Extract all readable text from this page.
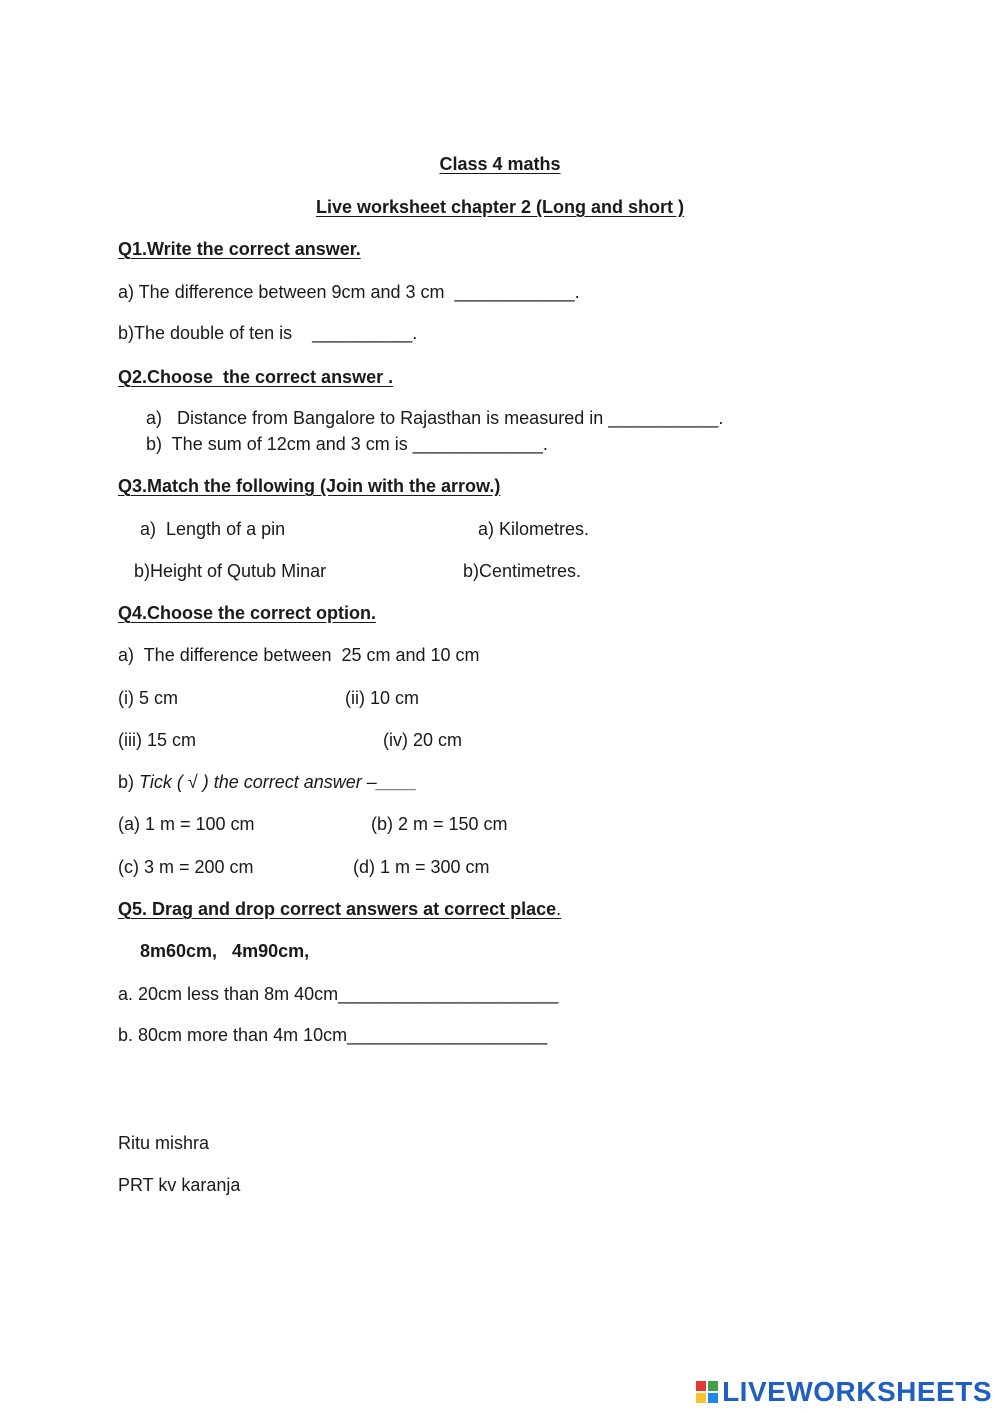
Class 4 maths
Live worksheet chapter 2 (Long and short )
Q1.Write the correct answer.
a) The difference between 9cm and 3 cm  ____________.
b)The double of ten is    __________.
Q2.Choose  the correct answer .
a)   Distance from Bangalore to Rajasthan is measured in ___________.
b)  The sum of 12cm and 3 cm is _____________.
Q3.Match the following (Join with the arrow.)
a)  Length of a pin	a) Kilometres.
b)Height of Qutub Minar	b)Centimetres.
Q4.Choose the correct option.
a)  The difference between  25 cm and 10 cm
(i) 5 cm	(ii) 10 cm
(iii) 15 cm	(iv) 20 cm
b) Tick ( √ ) the correct answer –____
(a) 1 m = 100 cm	(b) 2 m = 150 cm
(c) 3 m = 200 cm	(d) 1 m = 300 cm
Q5. Drag and drop correct answers at correct place.
8m60cm,   4m90cm,
a. 20cm less than 8m 40cm______________________
b. 80cm more than 4m 10cm____________________
Ritu mishra
PRT kv karanja
LIVEWORKSHEETS
